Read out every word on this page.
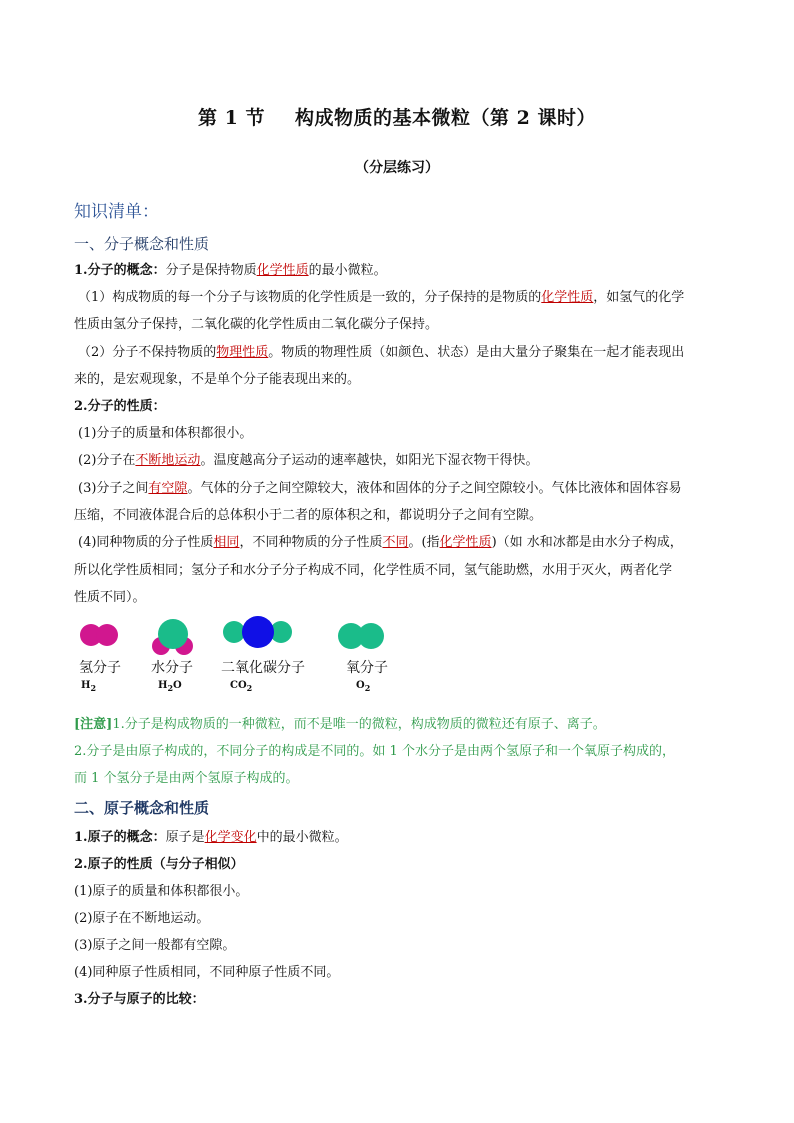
第 1 节 构成物质的基本微粒（第 2 课时）
（分层练习）
知识清单：
一、分子概念和性质
1.分子的概念：分子是保持物质化学性质的最小微粒。
（1）构成物质的每一个分子与该物质的化学性质是一致的，分子保持的是物质的化学性质，如氢气的化学
性质由氢分子保持，二氧化碳的化学性质由二氧化碳分子保持。
（2）分子不保持物质的物理性质。物质的物理性质（如颜色、状态）是由大量分子聚集在一起才能表现出
来的，是宏观现象，不是单个分子能表现出来的。
2.分子的性质：
(1)分子的质量和体积都很小。
(2)分子在不断地运动。温度越高分子运动的速率越快，如阳光下湿衣物干得快。
(3)分子之间有空隙。气体的分子之间空隙较大，液体和固体的分子之间空隙较小。气体比液体和固体容易
压缩，不同液体混合后的总体积小于二者的原体积之和，都说明分子之间有空隙。
(4)同种物质的分子性质相同，不同种物质的分子性质不同。(指化学性质)（如 水和冰都是由水分子构成，
所以化学性质相同；氢分子和水分子分子构成不同，化学性质不同，氢气能助燃，水用于灭火，两者化学
性质不同）。
氢分子 水分子 二氧化碳分子	氧分子
$H_2$	$H_2O$	$CO_2$	$O_2$
[注意]1.分子是构成物质的一种微粒，而不是唯一的微粒，构成物质的微粒还有原子、离子。
2.分子是由原子构成的，不同分子的构成是不同的。如 1 个水分子是由两个氢原子和一个氧原子构成的，
而 1 个氢分子是由两个氢原子构成的。
二、原子概念和性质
1.原子的概念：原子是化学变化中的最小微粒。
2.原子的性质（与分子相似）
(1)原子的质量和体积都很小。
(2)原子在不断地运动。
(3)原子之间一般都有空隙。
(4)同种原子性质相同，不同种原子性质不同。
3.分子与原子的比较：
